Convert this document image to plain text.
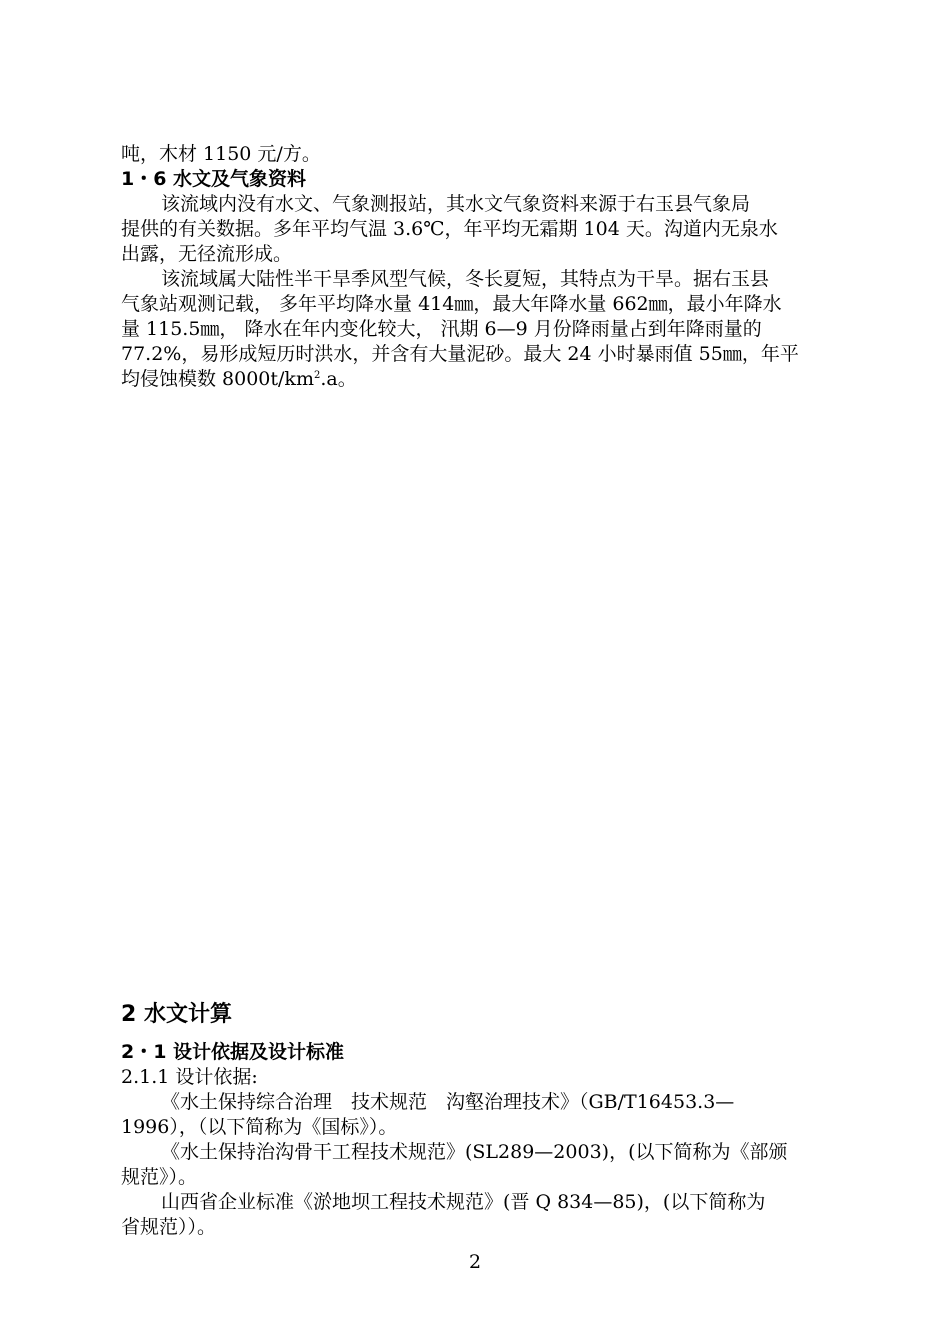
吨，木材 1150 元/方。
1・6 水文及气象资料
该流域内没有水文、气象测报站，其水文气象资料来源于右玉县气象局
提供的有关数据。多年平均气温 3.6℃，年平均无霜期 104 天。沟道内无泉水
出露，无径流形成。
该流域属大陆性半干旱季风型气候，冬长夏短，其特点为干旱。据右玉县
气象站观测记载， 多年平均降水量 414㎜，最大年降水量 662㎜，最小年降水
量 115.5㎜， 降水在年内变化较大， 汛期 6—9 月份降雨量占到年降雨量的
77.2%，易形成短历时洪水，并含有大量泥砂。最大 24 小时暴雨值 55㎜，年平
均侵蚀模数 $8000t/km^2.a$。
2 水文计算
2・1 设计依据及设计标准
2.1.1 设计依据:
《水土保持综合治理　技术规范　沟壑治理技术》（GB/T16453.3—
1996），（以下简称为《国标》）。
《水土保持治沟骨干工程技术规范》(SL289—2003)，(以下简称为《部颁
规范》）。
山西省企业标准《淤地坝工程技术规范》(晋 Q 834—85)，(以下简称为
省规范））。
2
